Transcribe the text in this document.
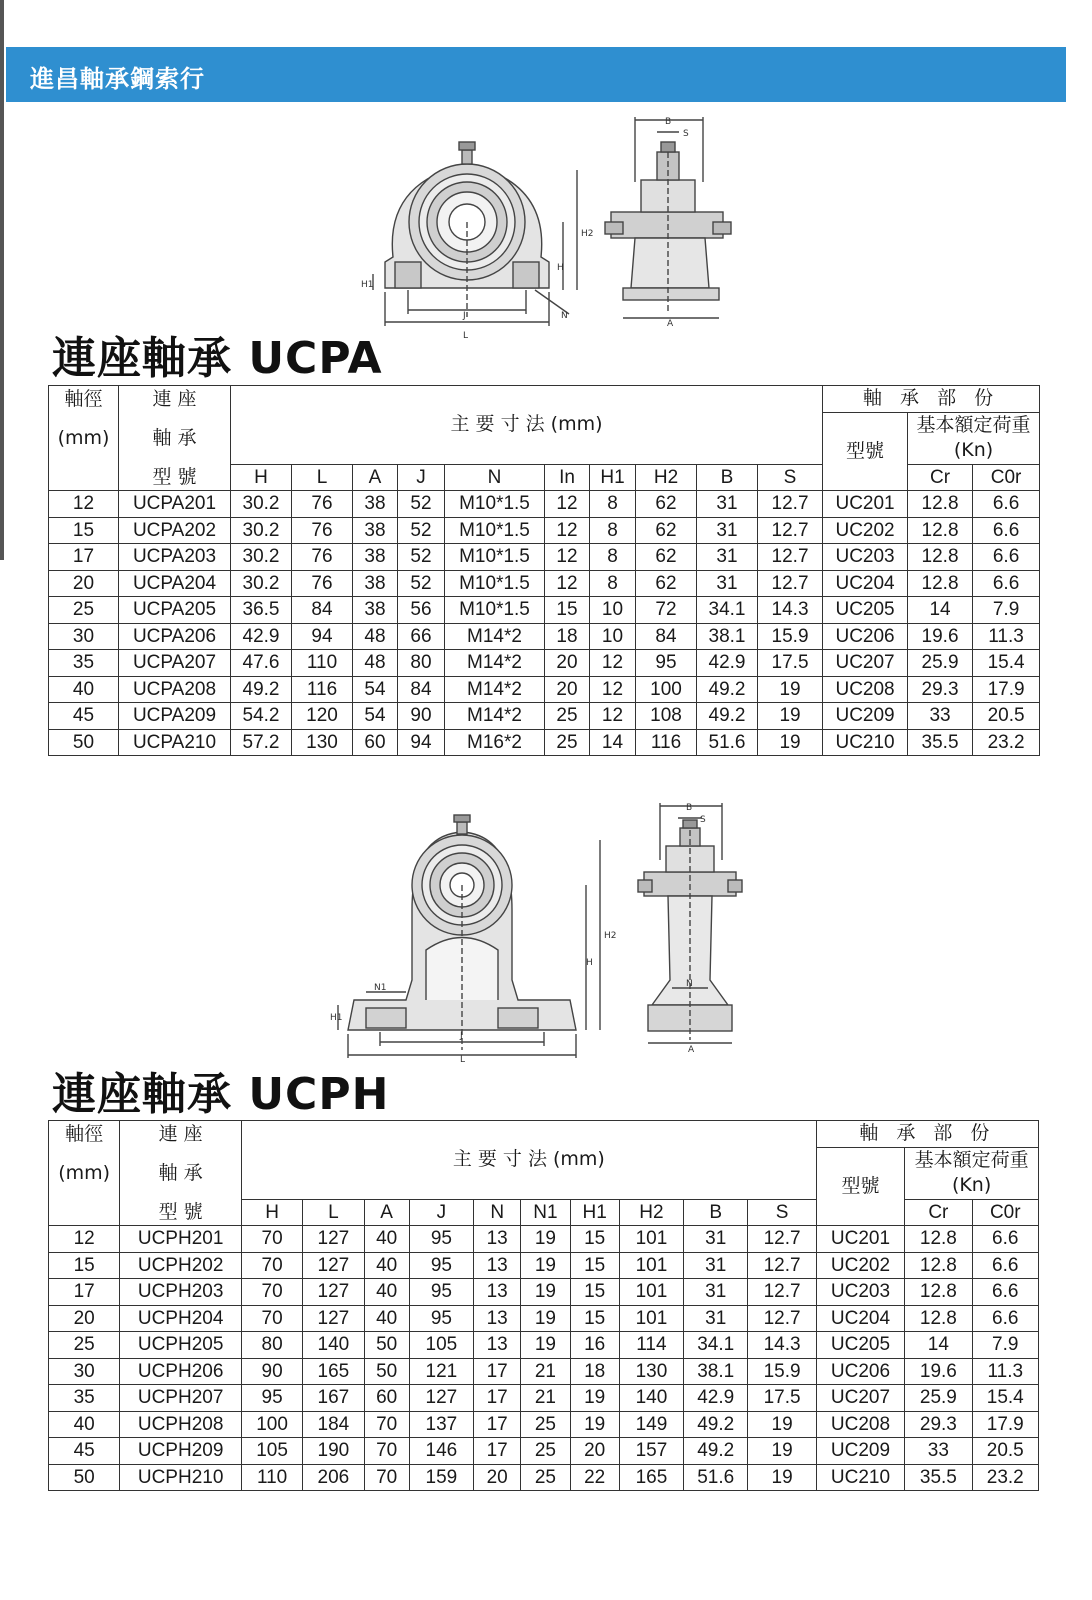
進昌軸承鋼索行
B
S
H2
H
H1
J
L
N
A
連座軸承 UCPA
軸徑	連 座	主 要 寸 法 (mm)										軸 承 部 份		
(mm)	軸 承											型號	基本額定荷重	
													(Kn)	
	型 號	H	L	A	J	N	In	H1	H2	B	S		Cr	C0r
12	UCPA201	30.2	76	38	52	M10*1.5	12	8	62	31	12.7	UC201	12.8	6.6
15	UCPA202	30.2	76	38	52	M10*1.5	12	8	62	31	12.7	UC202	12.8	6.6
17	UCPA203	30.2	76	38	52	M10*1.5	12	8	62	31	12.7	UC203	12.8	6.6
20	UCPA204	30.2	76	38	52	M10*1.5	12	8	62	31	12.7	UC204	12.8	6.6
25	UCPA205	36.5	84	38	56	M10*1.5	15	10	72	34.1	14.3	UC205	14	7.9
30	UCPA206	42.9	94	48	66	M14*2	18	10	84	38.1	15.9	UC206	19.6	11.3
35	UCPA207	47.6	110	48	80	M14*2	20	12	95	42.9	17.5	UC207	25.9	15.4
40	UCPA208	49.2	116	54	84	M14*2	20	12	100	49.2	19	UC208	29.3	17.9
45	UCPA209	54.2	120	54	90	M14*2	25	12	108	49.2	19	UC209	33	20.5
50	UCPA210	57.2	130	60	94	M16*2	25	14	116	51.6	19	UC210	35.5	23.2
B
S
H2
H
H1
J
L
N1	N
A
連座軸承 UCPH
軸徑	連 座	主 要 寸 法 (mm)										軸 承 部 份		
(mm)	軸 承											型號	基本額定荷重	
													(Kn)	
	型 號	H	L	A	J	N	N1	H1	H2	B	S		Cr	C0r
12	UCPH201	70	127	40	95	13	19	15	101	31	12.7	UC201	12.8	6.6
15	UCPH202	70	127	40	95	13	19	15	101	31	12.7	UC202	12.8	6.6
17	UCPH203	70	127	40	95	13	19	15	101	31	12.7	UC203	12.8	6.6
20	UCPH204	70	127	40	95	13	19	15	101	31	12.7	UC204	12.8	6.6
25	UCPH205	80	140	50	105	13	19	16	114	34.1	14.3	UC205	14	7.9
30	UCPH206	90	165	50	121	17	21	18	130	38.1	15.9	UC206	19.6	11.3
35	UCPH207	95	167	60	127	17	21	19	140	42.9	17.5	UC207	25.9	15.4
40	UCPH208	100	184	70	137	17	25	19	149	49.2	19	UC208	29.3	17.9
45	UCPH209	105	190	70	146	17	25	20	157	49.2	19	UC209	33	20.5
50	UCPH210	110	206	70	159	20	25	22	165	51.6	19	UC210	35.5	23.2
